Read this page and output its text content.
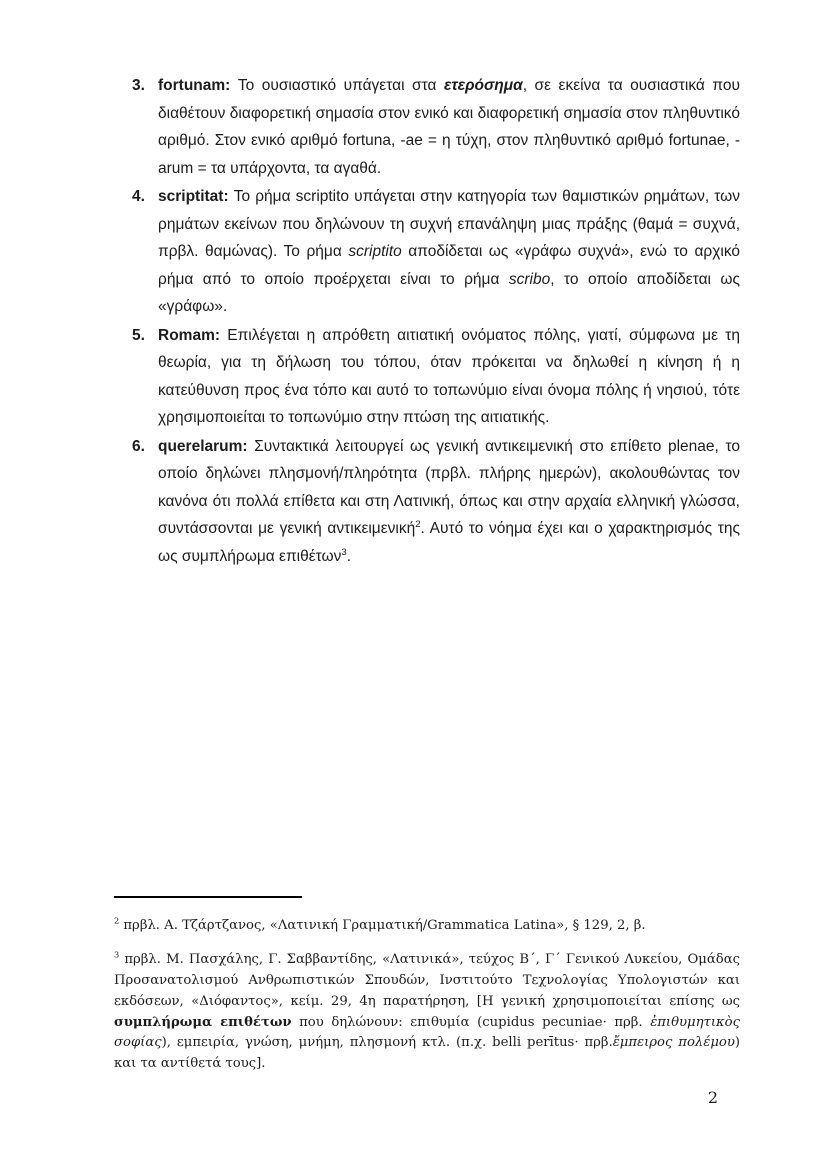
3. fortunam: Το ουσιαστικό υπάγεται στα ετερόσημα, σε εκείνα τα ουσιαστικά που διαθέτουν διαφορετική σημασία στον ενικό και διαφορετική σημασία στον πληθυντικό αριθμό. Στον ενικό αριθμό fortuna, -ae = η τύχη, στον πληθυντικό αριθμό fortunae, -arum = τα υπάρχοντα, τα αγαθά.

4. scriptitat: Το ρήμα scriptito υπάγεται στην κατηγορία των θαμιστικών ρημάτων, των ρημάτων εκείνων που δηλώνουν τη συχνή επανάληψη μιας πράξης (θαμά = συχνά, πρβλ. θαμώνας). Το ρήμα scriptito αποδίδεται ως «γράφω συχνά», ενώ το αρχικό ρήμα από το οποίο προέρχεται είναι το ρήμα scribo, το οποίο αποδίδεται ως «γράφω».

5. Romam: Επιλέγεται η απρόθετη αιτιατική ονόματος πόλης, γιατί, σύμφωνα με τη θεωρία, για τη δήλωση του τόπου, όταν πρόκειται να δηλωθεί η κίνηση ή η κατεύθυνση προς ένα τόπο και αυτό το τοπωνύμιο είναι όνομα πόλης ή νησιού, τότε χρησιμοποιείται το τοπωνύμιο στην πτώση της αιτιατικής.

6. querelarum: Συντακτικά λειτουργεί ως γενική αντικειμενική στο επίθετο plenae, το οποίο δηλώνει πλησμονή/πληρότητα (πρβλ. πλήρης ημερών), ακολουθώντας τον κανόνα ότι πολλά επίθετα και στη Λατινική, όπως και στην αρχαία ελληνική γλώσσα, συντάσσονται με γενική αντικειμενική$^2$. Αυτό το νόημα έχει και ο χαρακτηρισμός της ως συμπλήρωμα επιθέτων$^3$.

$^2$ πρβλ. Α. Τζάρτζανος, «Λατινική Γραμματική/Grammatica Latina», § 129, 2, β.

$^3$ πρβλ. Μ. Πασχάλης, Γ. Σαββαντίδης, «Λατινικά», τεύχος Β΄, Γ΄ Γενικού Λυκείου, Ομάδας Προσανατολισμού Ανθρωπιστικών Σπουδών, Ινστιτούτο Τεχνολογίας Υπολογιστών και εκδόσεων, «Διόφαντος», κείμ. 29, 4η παρατήρηση, [Η γενική χρησιμοποιείται επίσης ως συμπλήρωμα επιθέτων που δηλώνουν: επιθυμία (cupidus pecuniae· πρβ. ἐπιθυμητικὸς σοφίας), εμπειρία, γνώση, μνήμη, πλησμονή κτλ. (π.χ. belli perītus· πρβ.ἔμπειρος πολέμου) και τα αντίθετά τους].

2
